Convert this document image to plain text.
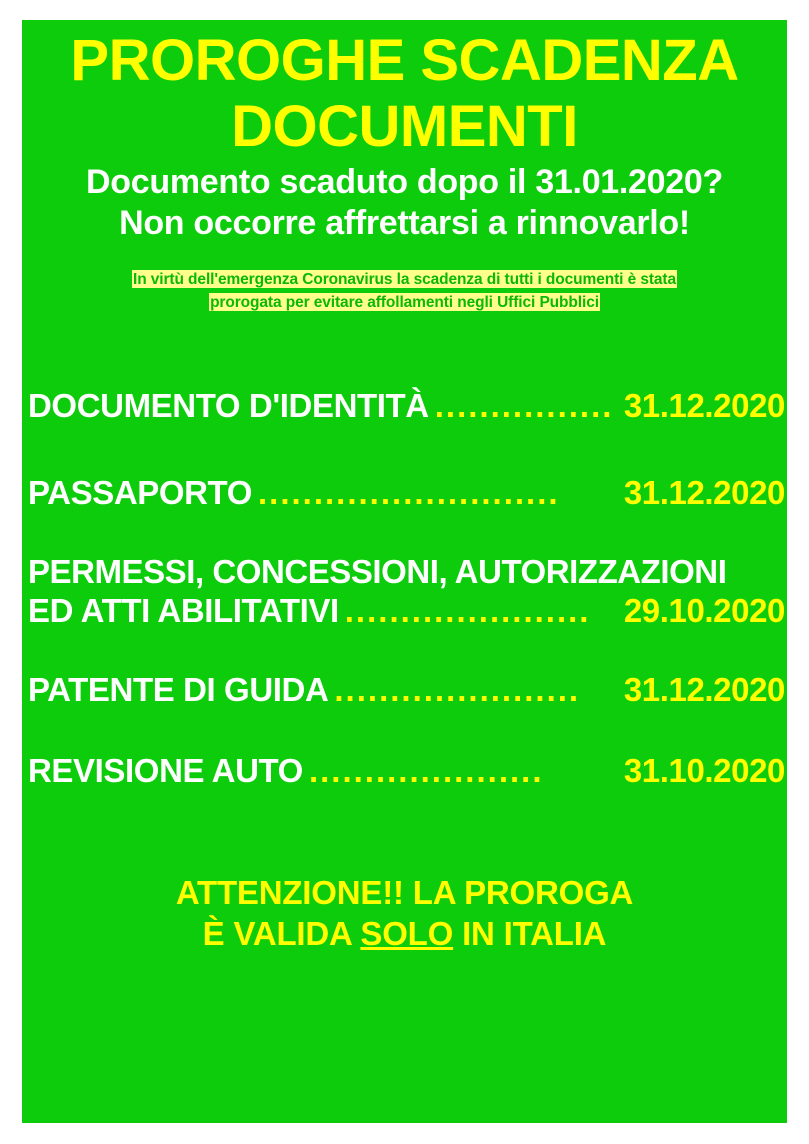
PROROGHE SCADENZA
DOCUMENTI
Documento scaduto dopo il 31.01.2020?
Non occorre affrettarsi a rinnovarlo!
In virtù dell'emergenza Coronavirus la scadenza di tutti i documenti è stata
prorogata per evitare affollamenti negli Uffici Pubblici
DOCUMENTO D'IDENTITÀ ................ 31.12.2020
PASSAPORTO ...........................	31.12.2020
PERMESSI, CONCESSIONI, AUTORIZZAZIONI
ED ATTI ABILITATIVI ......................	29.10.2020
PATENTE DI GUIDA ......................	31.12.2020
REVISIONE AUTO .....................	31.10.2020
ATTENZIONE!! LA PROROGA
È VALIDA SOLO IN ITALIA
